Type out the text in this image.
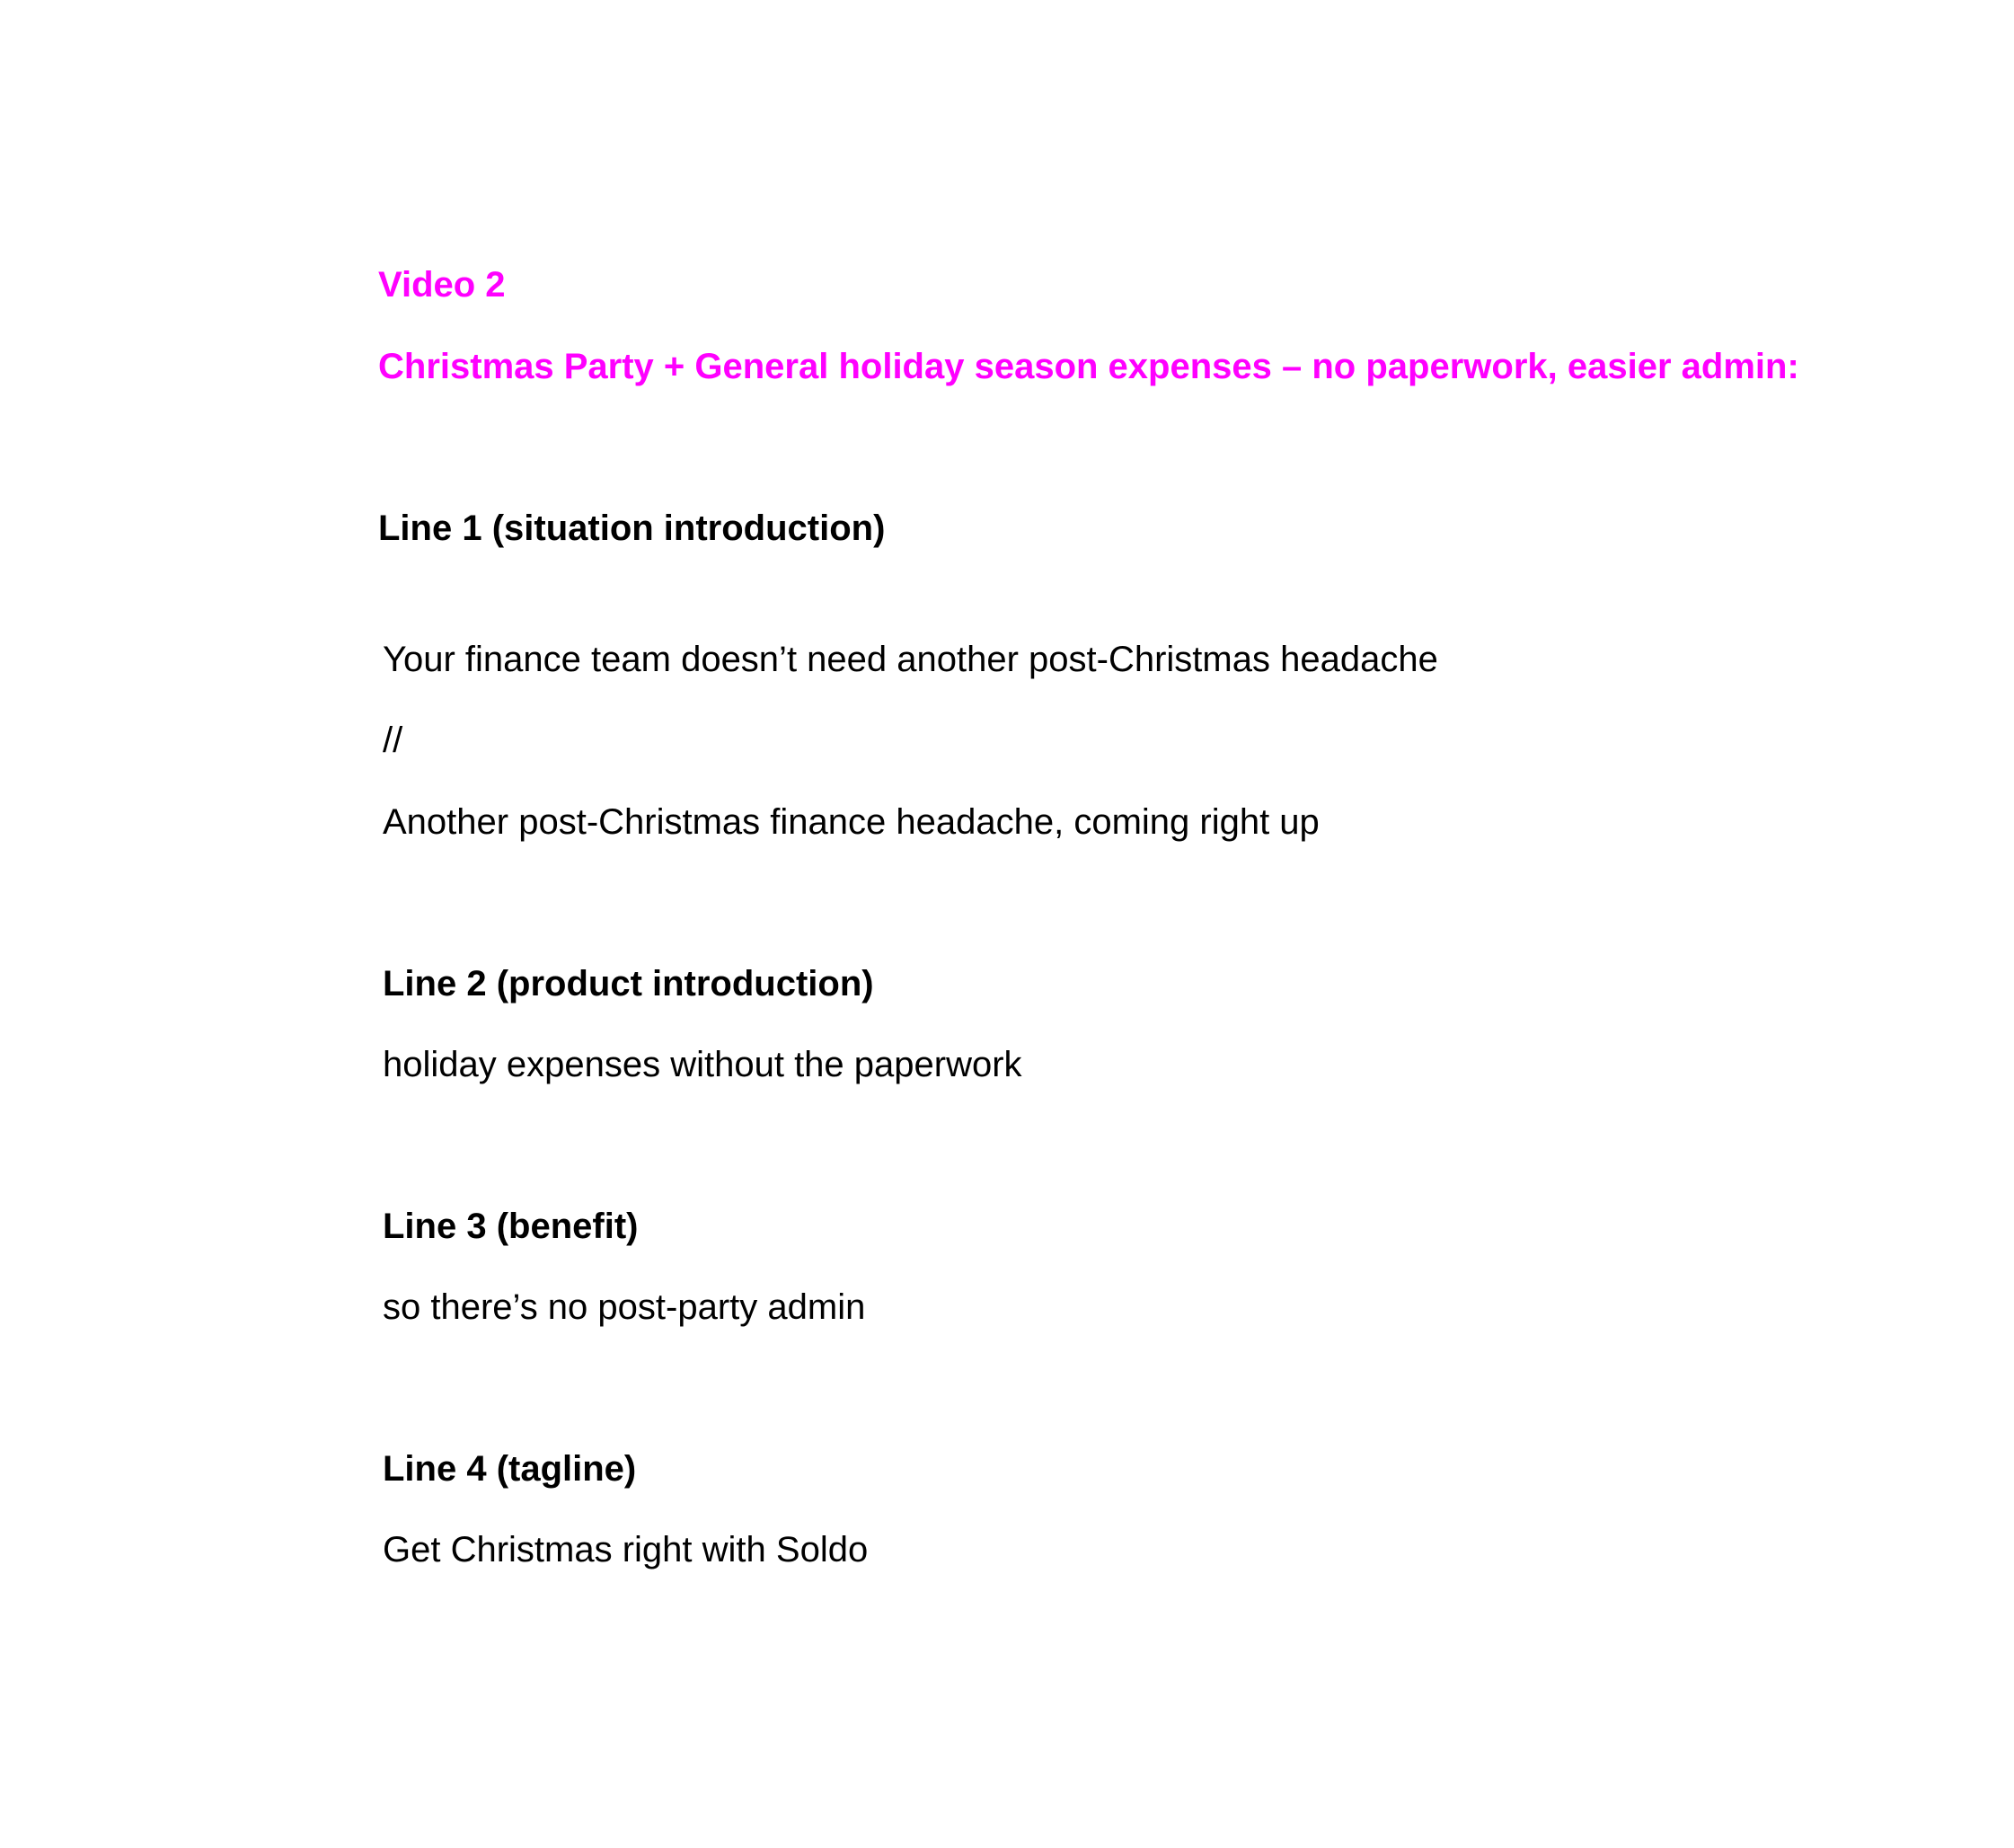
Video 2
Christmas Party + General holiday season expenses – no paperwork, easier admin:
Line 1 (situation introduction)
Your finance team doesn’t need another post-Christmas headache
//
Another post-Christmas finance headache, coming right up
Line 2 (product introduction)
holiday expenses without the paperwork
Line 3 (benefit)
so there’s no post-party admin
Line 4 (tagline)
Get Christmas right with Soldo
